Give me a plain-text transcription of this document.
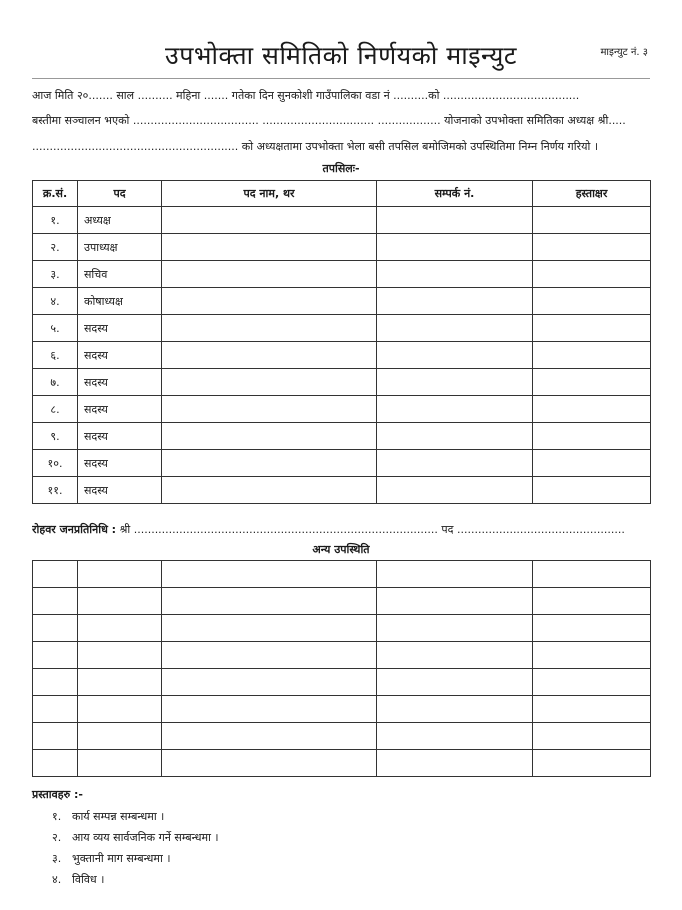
उपभोक्ता समितिको निर्णयको माइन्युट	माइन्युट नं. ३
आज मिति २०....... साल .......... महिना ....... गतेका दिन सुनकोशी गाउँपालिका वडा नं ..........को .......................................
बस्तीमा सञ्चालन भएको .................................... ................................ .................. योजनाको उपभोक्ता समितिका अध्यक्ष श्री.....
........................................................... को अध्यक्षतामा उपभोक्ता भेला बसी तपसिल बमोजिमको उपस्थितिमा निम्न निर्णय गरियो ।
तपसिलः-
क्र.सं.	पद	पद नाम, थर	सम्पर्क नं.	हस्ताक्षर
१.	अध्यक्ष			
२.	उपाध्यक्ष			
३.	सचिव			
४.	कोषाध्यक्ष			
५.	सदस्य			
६.	सदस्य			
७.	सदस्य			
८.	सदस्य			
९.	सदस्य			
१०.	सदस्य			
११.	सदस्य			
रोहवर जनप्रतिनिधि : श्री ....................................................................................... पद ................................................
अन्य उपस्थिति

प्रस्तावहरु :-
१. कार्य सम्पन्न सम्बन्धमा ।
२. आय व्यय सार्वजनिक गर्ने सम्बन्धमा ।
३. भुक्तानी माग सम्बन्धमा ।
४. विविध ।
